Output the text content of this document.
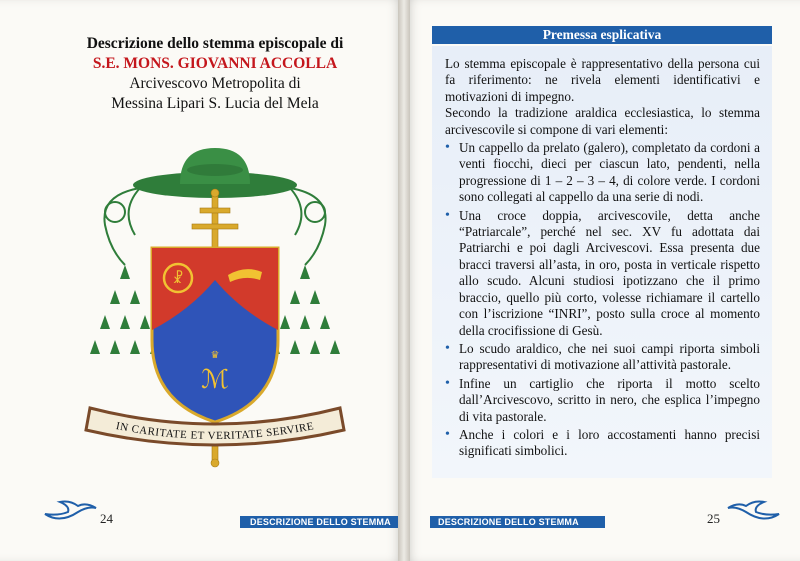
Descrizione dello stemma episcopale di
S.E. MONS. GIOVANNI ACCOLLA
Arcivescovo Metropolita di
Messina Lipari S. Lucia del Mela
☧
♛
ℳ
IN CARITATE ET VERITATE SERVIRE
24	DESCRIZIONE DELLO STEMMA
Premessa esplicativa

Lo stemma episcopale è rappresentativo della persona cui fa riferimento: ne rivela elementi identificativi e motivazioni di impegno.

Secondo la tradizione araldica ecclesiastica, lo stemma arcivescovile si compone di vari elementi:

• Un cappello da prelato (galero), completato da cordoni a venti fiocchi, dieci per ciascun lato, pendenti, nella progressione di 1 – 2 – 3 – 4, di colore verde. I cordoni sono collegati al cappello da una serie di nodi.
• Una croce doppia, arcivescovile, detta anche “Patriarcale”, perché nel sec. XV fu adottata dai Patriarchi e poi dagli Arcivescovi. Essa presenta due bracci traversi all’asta, in oro, posta in verticale rispetto allo scudo. Alcuni studiosi ipotizzano che il primo braccio, quello più corto, volesse richiamare il cartello con l’iscrizione “INRI”, posto sulla croce al momento della crocifissione di Gesù.
• Lo scudo araldico, che nei suoi campi riporta simboli rappresentativi di motivazione all’attività pastorale.
• Infine un cartiglio che riporta il motto scelto dall’Arcivescovo, scritto in nero, che esplica l’impegno di vita pastorale.
• Anche i colori e i loro accostamenti hanno precisi significati simbolici.
DESCRIZIONE DELLO STEMMA	25
